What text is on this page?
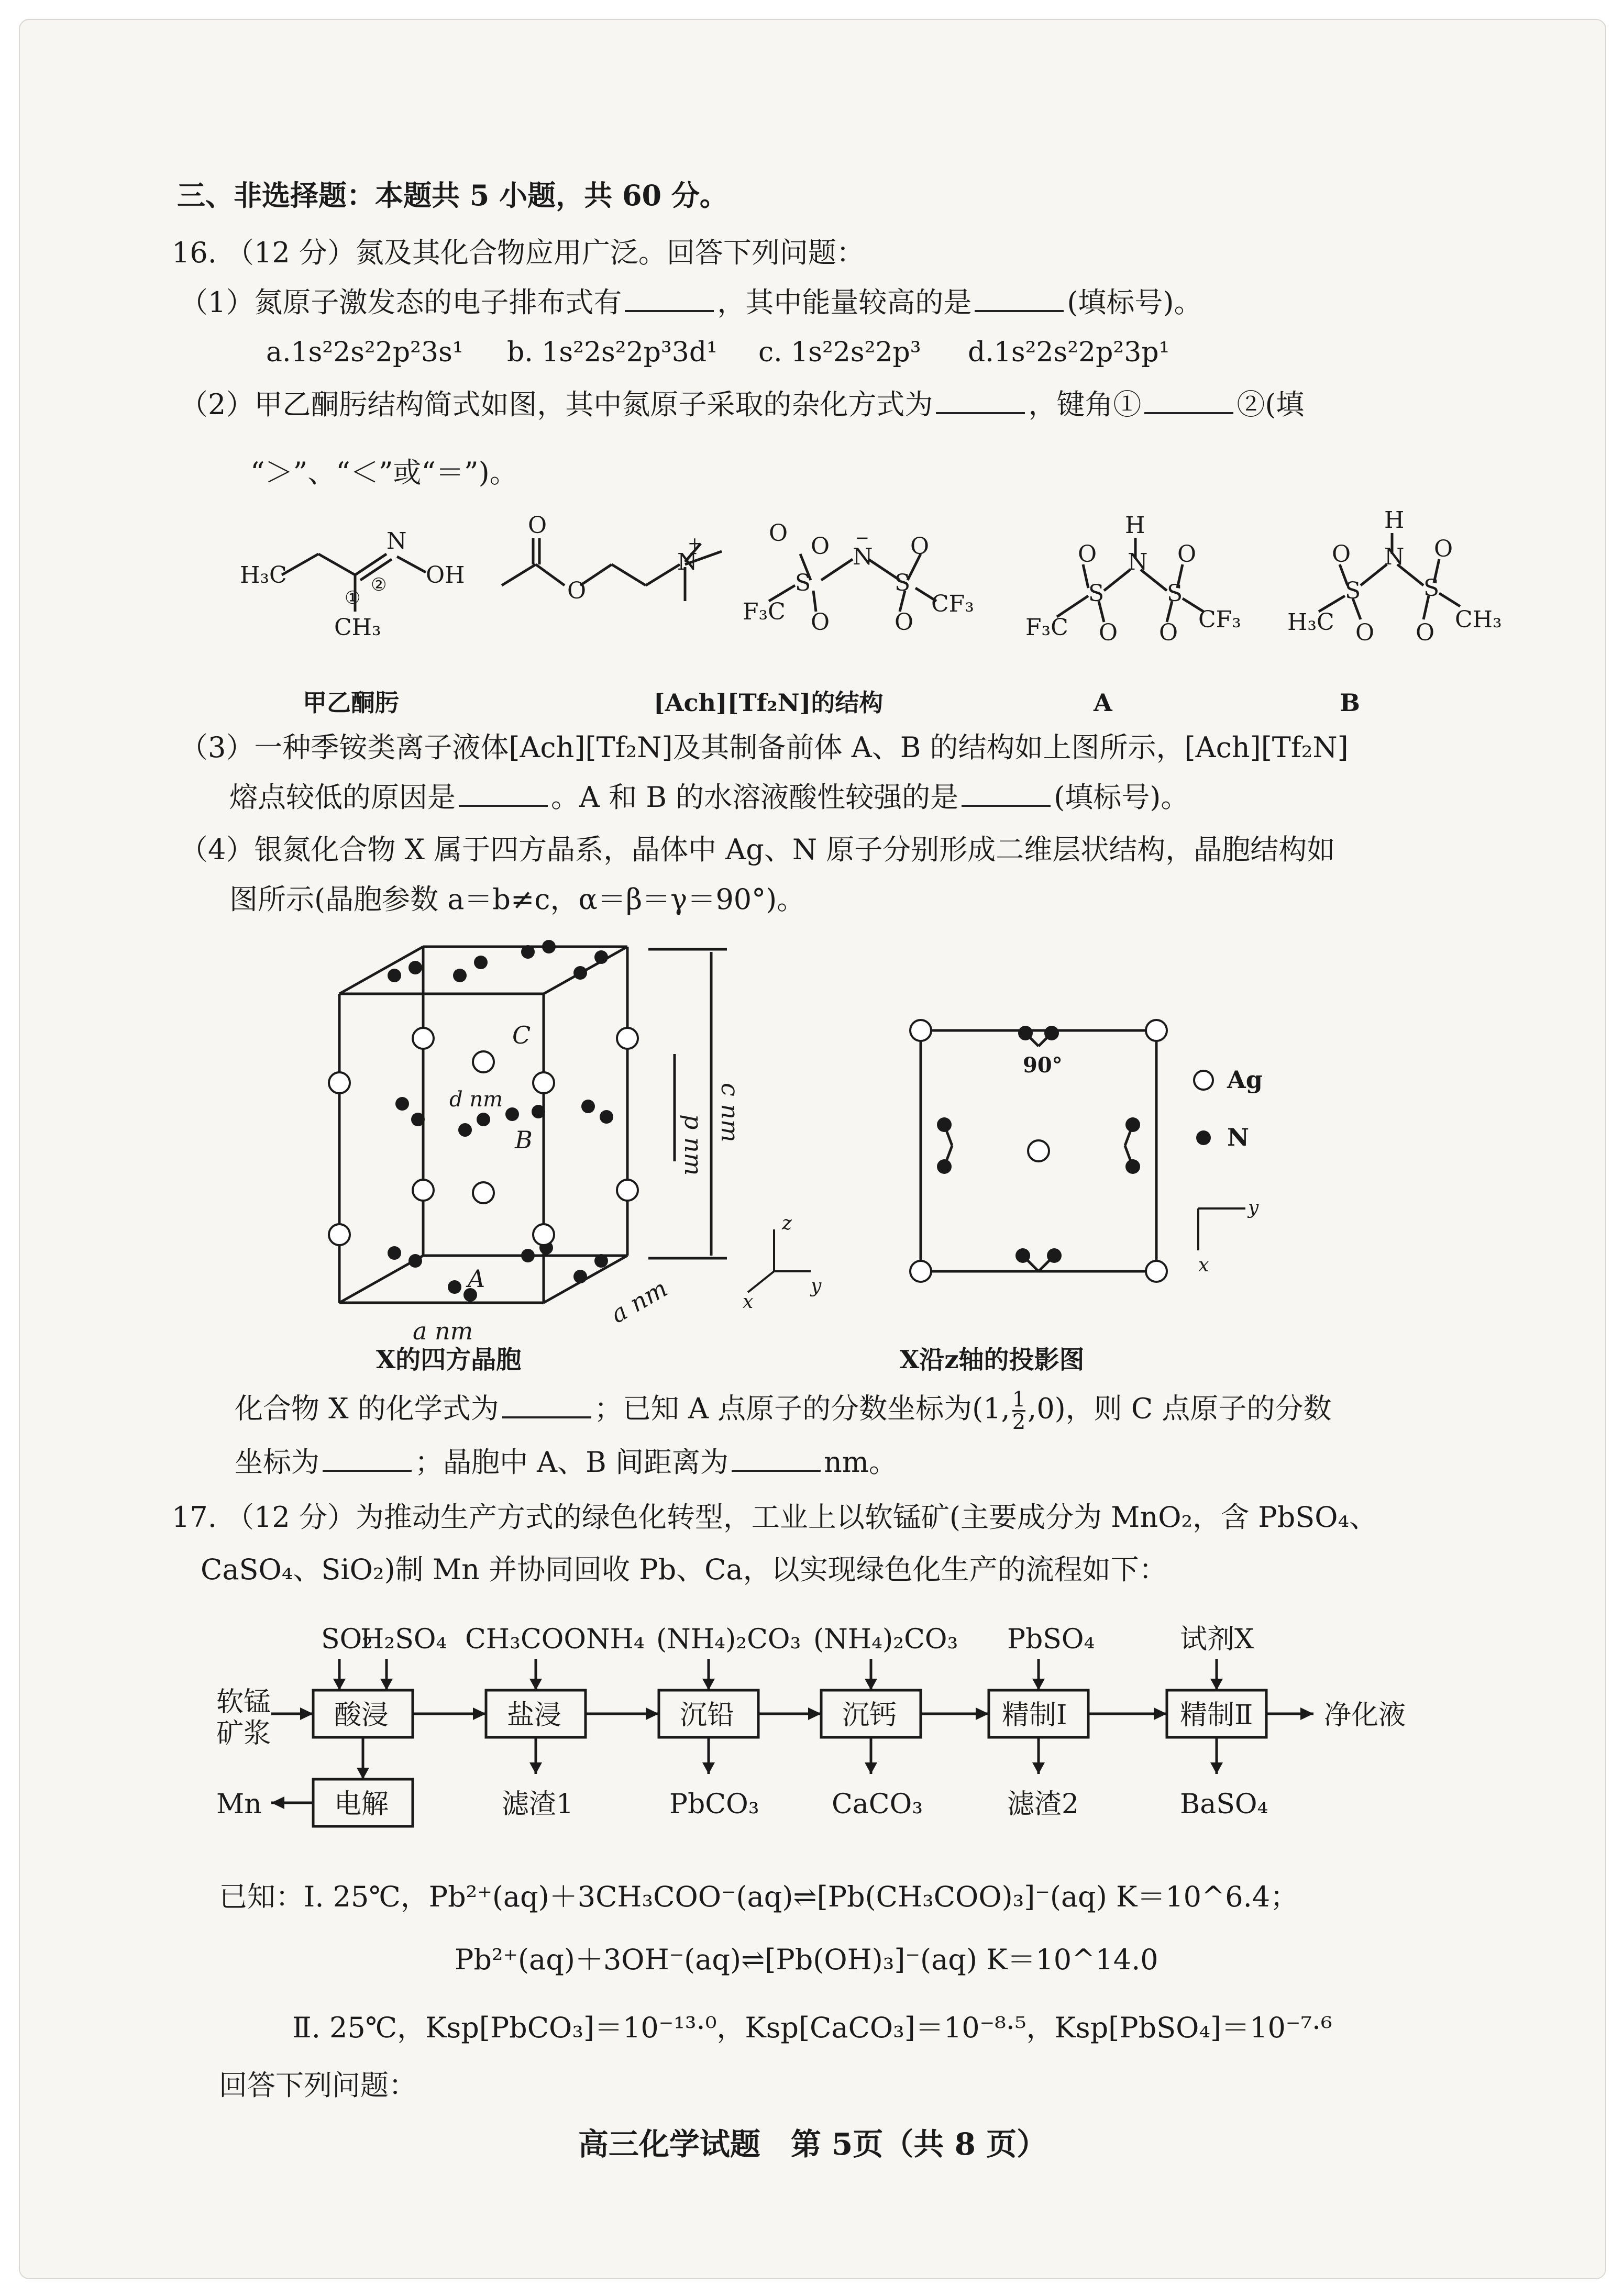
三、非选择题：本题共 5 小题，共 60 分。
16. （12 分）氮及其化合物应用广泛。回答下列问题：
（1）氮原子激发态的电子排布式有	，其中能量较高的是	(填标号)。
a.1s²2s²2p²3s¹ b. 1s²2s²2p³3d¹ c. 1s²2s²2p³ d.1s²2s²2p²3p¹
（2）甲乙酮肟结构简式如图，其中氮原子采取的杂化方式为	，键角①	②(填
“＞”、“＜”或“＝”)。
H₃C
N
OH
CH₃
①
②
O
O
N
+	O
S
O N
−
S
O
O	O
F₃C	CF₃
H
N
S
O
S
O
O O
F₃C	CF₃
H
N
S
O
S
O
O O
H₃C	CH₃
甲乙酮肟	[Ach][Tf₂N]的结构	A	B
（3）一种季铵类离子液体[Ach][Tf₂N]及其制备前体 A、B 的结构如上图所示，[Ach][Tf₂N]
熔点较低的原因是	。A 和 B 的水溶液酸性较强的是	(填标号)。
（4）银氮化合物 X 属于四方晶系，晶体中 Ag、N 原子分别形成二维层状结构，晶胞结构如
图所示(晶胞参数 a＝b≠c，α＝β＝γ＝90°)。
C
d nm
B
A
a nm
p nm
c nm
a nm
z
y
x
90°
Ag
N
y
x
X的四方晶胞	X沿z轴的投影图
化合物 X 的化学式为	；已知 A 点原子的分数坐标为(1, $\frac{1}{2} ,0$)，则 C 点原子的分数
坐标为	；晶胞中 A、B 间距离为	nm。
17. （12 分）为推动生产方式的绿色化转型，工业上以软锰矿(主要成分为 MnO₂，含 PbSO₄、
CaSO₄、SiO₂)制 Mn 并协同回收 Pb、Ca，以实现绿色化生产的流程如下：
软锰
矿浆
SO₂
H₂SO₄ CH₃COONH₄ (NH₄)₂CO₃ (NH₄)₂CO₃ PbSO₄	试剂X
酸浸	盐浸	沉铅	沉钙	精制Ⅰ	精制Ⅱ	净化液
电解
Mn	滤渣1	PbCO₃	CaCO₃	滤渣2	BaSO₄
已知：Ⅰ. 25℃，Pb²⁺(aq)＋3CH₃COO⁻(aq)⇌[Pb(CH₃COO)₃]⁻(aq) K＝10^6.4；
Pb²⁺(aq)＋3OH⁻(aq)⇌[Pb(OH)₃]⁻(aq) K＝10^14.0
Ⅱ. 25℃，Ksp[PbCO₃]＝10⁻¹³·⁰，Ksp[CaCO₃]＝10⁻⁸·⁵，Ksp[PbSO₄]＝10⁻⁷·⁶
回答下列问题：
高三化学试题　第 5页（共 8 页）
